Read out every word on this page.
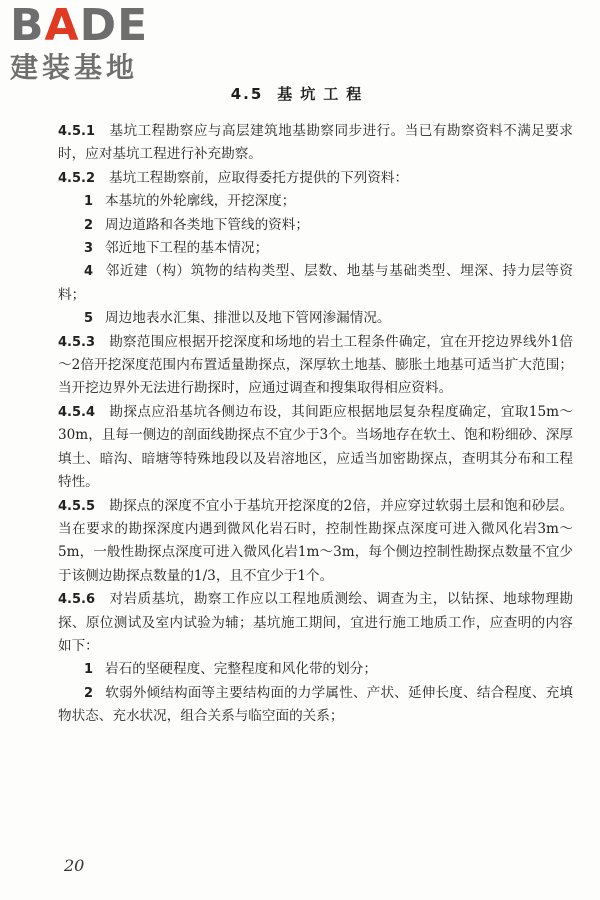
BADE
建装基地
4.5 基坑工程

4.5.1 基坑工程勘察应与高层建筑地基勘察同步进行。当已有勘察资料不满足要求时，应对基坑工程进行补充勘察。

4.5.2 基坑工程勘察前，应取得委托方提供的下列资料：

1 本基坑的外轮廓线，开挖深度；

2 周边道路和各类地下管线的资料；

3 邻近地下工程的基本情况；

4 邻近建（构）筑物的结构类型、层数、地基与基础类型、埋深、持力层等资料；

5 周边地表水汇集、排泄以及地下管网渗漏情况。

4.5.3 勘察范围应根据开挖深度和场地的岩土工程条件确定，宜在开挖边界线外1倍～2倍开挖深度范围内布置适量勘探点，深厚软土地基、膨胀土地基可适当扩大范围；当开挖边界外无法进行勘探时，应通过调查和搜集取得相应资料。

4.5.4 勘探点应沿基坑各侧边布设，其间距应根据地层复杂程度确定，宜取15m～30m，且每一侧边的剖面线勘探点不宜少于3个。当场地存在软土、饱和粉细砂、深厚填土、暗沟、暗塘等特殊地段以及岩溶地区，应适当加密勘探点，查明其分布和工程特性。

4.5.5 勘探点的深度不宜小于基坑开挖深度的2倍，并应穿过软弱土层和饱和砂层。当在要求的勘探深度内遇到微风化岩石时，控制性勘探点深度可进入微风化岩3m～5m，一般性勘探点深度可进入微风化岩1m～3m，每个侧边控制性勘探点数量不宜少于该侧边勘探点数量的1/3，且不宜少于1个。

4.5.6 对岩质基坑，勘察工作应以工程地质测绘、调查为主，以钻探、地球物理勘探、原位测试及室内试验为辅；基坑施工期间，宜进行施工地质工作，应查明的内容如下：

1 岩石的坚硬程度、完整程度和风化带的划分；

2 软弱外倾结构面等主要结构面的力学属性、产状、延伸长度、结合程度、充填物状态、充水状况，组合关系与临空面的关系；

20
